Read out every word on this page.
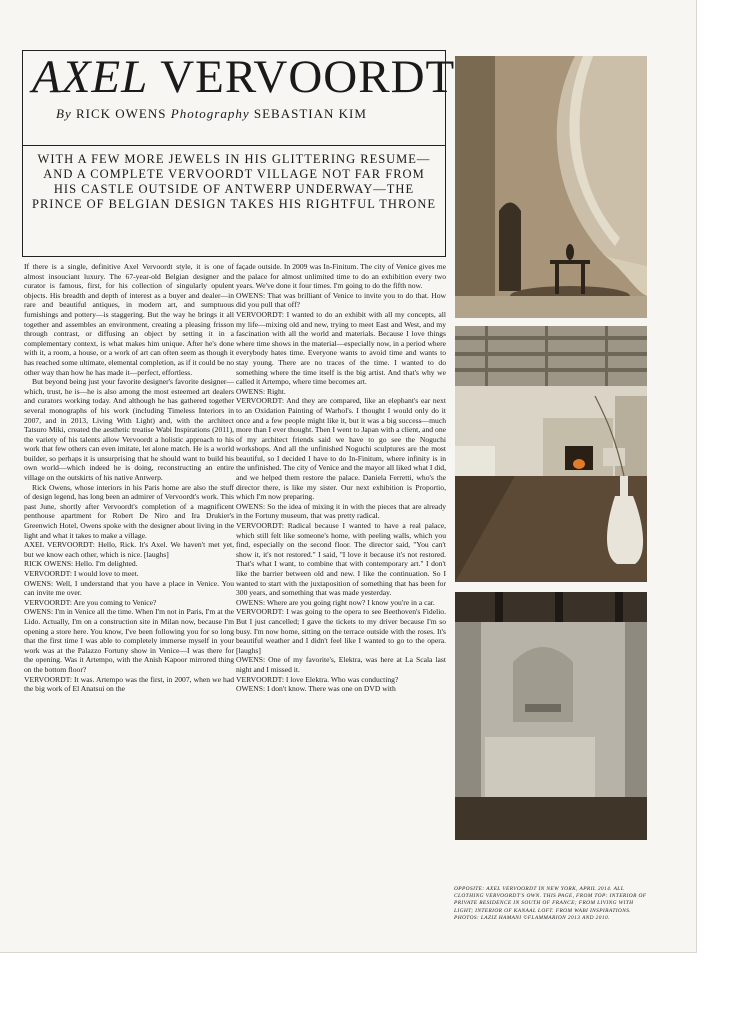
AXEL VERVOORDT
By RICK OWENS Photography SEBASTIAN KIM
WITH A FEW MORE JEWELS IN HIS GLITTERING RESUME—AND A COMPLETE VERVOORDT VILLAGE NOT FAR FROM HIS CASTLE OUTSIDE OF ANTWERP UNDERWAY—THE PRINCE OF BELGIAN DESIGN TAKES HIS RIGHTFUL THRONE

If there is a single, definitive Axel Vervoordt style, it is one of almost insouciant luxury. The 67-year-old Belgian designer and curator is famous, first, for his collection of singularly opulent objects. His breadth and depth of interest as a buyer and dealer—in rare and beautiful antiques, in modern art, and sumptuous furnishings and pottery—is staggering. But the way he brings it all together and assembles an environment, creating a pleasing frisson through contrast, or diffusing an object by setting it in a complementary context, is what makes him unique. After he's done with it, a room, a house, or a work of art can often seem as though it has reached some ultimate, elemental completion, as if it could be no other way than how he has made it—perfect, effortless.

But beyond being just your favorite designer's favorite designer—which, trust, he is—he is also among the most esteemed art dealers and curators working today. And although he has gathered together several monographs of his work (including Timeless Interiors in 2007, and in 2013, Living With Light) and, with the architect Tatsuro Miki, created the aesthetic treatise Wabi Inspirations (2011), the variety of his talents allow Vervoordt a holistic approach to his work that few others can even imitate, let alone match. He is a world builder, so perhaps it is unsurprising that he should want to build his own world—which indeed he is doing, reconstructing an entire village on the outskirts of his native Antwerp.

Rick Owens, whose interiors in his Paris home are also the stuff of design legend, has long been an admirer of Vervoordt's work. This past June, shortly after Vervoordt's completion of a magnificent penthouse apartment for Robert De Niro and Ira Drukier's Greenwich Hotel, Owens spoke with the designer about living in the light and what it takes to make a village.

AXEL VERVOORDT: Hello, Rick. It's Axel. We haven't met yet, but we know each other, which is nice. [laughs]

RICK OWENS: Hello. I'm delighted.

VERVOORDT: I would love to meet.

OWENS: Well, I understand that you have a place in Venice. You can invite me over.

VERVOORDT: Are you coming to Venice?

OWENS: I'm in Venice all the time. When I'm not in Paris, I'm at the Lido. Actually, I'm on a construction site in Milan now, because I'm opening a store here. You know, I've been following you for so long that the first time I was able to completely immerse myself in your work was at the Palazzo Fortuny show in Venice—I was there for the opening. Was it Artempo, with the Anish Kapoor mirrored thing on the bottom floor?

VERVOORDT: It was. Artempo was the first, in 2007, when we had the big work of El Anatsui on the

façade outside. In 2009 was In-Finitum. The city of Venice gives me the palace for almost unlimited time to do an exhibition every two years. We've done it four times. I'm going to do the fifth now.

OWENS: That was brilliant of Venice to invite you to do that. How did you pull that off?

VERVOORDT: I wanted to do an exhibit with all my concepts, all my life—mixing old and new, trying to meet East and West, and my fascination with all the world and materials. Because I love things where time shows in the material—especially now, in a period where everybody hates time. Everyone wants to avoid time and wants to stay young. There are no traces of the time. I wanted to do something where the time itself is the big artist. And that's why we called it Artempo, where time becomes art.

OWENS: Right.

VERVOORDT: And they are compared, like an elephant's ear next to an Oxidation Painting of Warhol's. I thought I would only do it once and a few people might like it, but it was a big success—much more than I ever thought. Then I went to Japan with a client, and one of my architect friends said we have to go see the Noguchi workshops. And all the unfinished Noguchi sculptures are the most beautiful, so I decided I have to do In-Finitum, where infinity is in the unfinished. The city of Venice and the mayor all liked what I did, and we helped them restore the palace. Daniela Ferretti, who's the director there, is like my sister. Our next exhibition is Proportio, which I'm now preparing.

OWENS: So the idea of mixing it in with the pieces that are already in the Fortuny museum, that was pretty radical.

VERVOORDT: Radical because I wanted to have a real palace, which still felt like someone's home, with peeling walls, which you find, especially on the second floor. The director said, "You can't show it, it's not restored." I said, "I love it because it's not restored. That's what I want, to combine that with contemporary art." I don't like the barrier between old and new. I like the continuation. So I wanted to start with the juxtaposition of something that has been for 300 years, and something that was made yesterday.

OWENS: Where are you going right now? I know you're in a car.

VERVOORDT: I was going to the opera to see Beethoven's Fidelio. But I just cancelled; I gave the tickets to my driver because I'm so busy. I'm now home, sitting on the terrace outside with the roses. It's beautiful weather and I didn't feel like I wanted to go to the opera. [laughs]

OWENS: One of my favorite's, Elektra, was here at La Scala last night and I missed it.

VERVOORDT: I love Elektra. Who was conducting?

OWENS: I don't know. There was one on DVD with

OPPOSITE: AXEL VERVOORDT IN NEW YORK, APRIL 2014. ALL CLOTHING VERVOORDT'S OWN. THIS PAGE, FROM TOP: INTERIOR OF PRIVATE RESIDENCE IN SOUTH OF FRANCE; FROM LIVING WITH LIGHT; INTERIOR OF KANAAL LOFT. FROM WABI INSPIRATIONS. PHOTOS: LAZIZ HAMANI ©FLAMMARION 2013 AND 2010.
